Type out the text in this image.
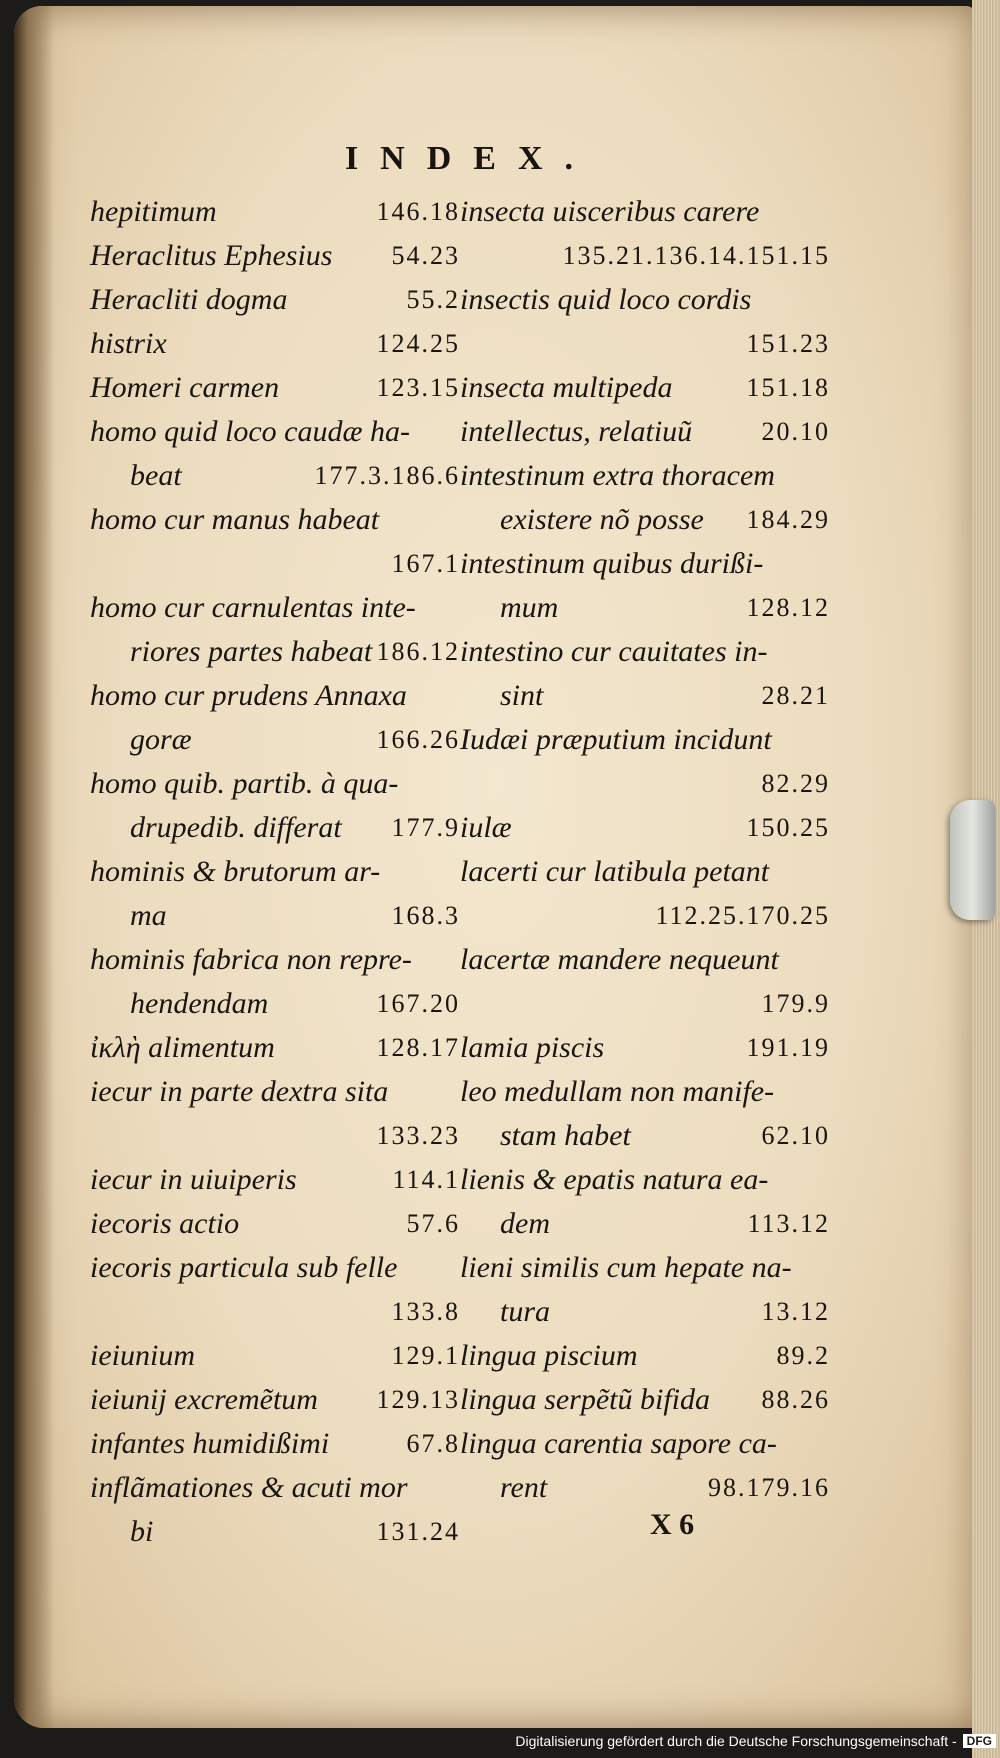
INDEX.
hepitimum	146.18
Heraclitus Ephesius	54.23
Heracliti dogma	55.2
histrix	124.25
Homeri carmen	123.15
homo quid loco caudæ ha-
beat	177.3.186.6
homo cur manus habeat

167.1
homo cur carnulentas inte-
riores partes habeat 186.12
homo cur prudens Annaxa
goræ	166.26
homo quib. partib. à qua-
drupedib. differat	177.9
hominis & brutorum ar-
ma	168.3
hominis fabrica non repre-
hendendam	167.20
ἰκλὴ alimentum	128.17
iecur in parte dextra sita

133.23
iecur in uiuiperis	114.1
iecoris actio	57.6
iecoris particula sub felle

133.8
ieiunium	129.1
ieiunij excremẽtum	129.13
infantes humidißimi	67.8
inflãmationes & acuti mor
bi	131.24
insecta uisceribus carere

135.21.136.14.151.15
insectis quid loco cordis

151.23
insecta multipeda	151.18
intellectus, relatiuũ	20.10
intestinum extra thoracem
existere nõ posse	184.29
intestinum quibus durißi-
mum	128.12
intestino cur cauitates in-
sint	28.21
Iudæi præputium incidunt

82.29
iulæ	150.25
lacerti cur latibula petant

112.25.170.25
lacertæ mandere nequeunt

179.9
lamia piscis	191.19
leo medullam non manife-
stam habet	62.10
lienis & epatis natura ea-
dem	113.12
lieni similis cum hepate na-
tura	13.12
lingua piscium	89.2
lingua serpẽtũ bifida	88.26
lingua carentia sapore ca-
rent	98.179.16
X 6
Digitalisierung gefördert durch die Deutsche Forschungsgemeinschaft - DFG
